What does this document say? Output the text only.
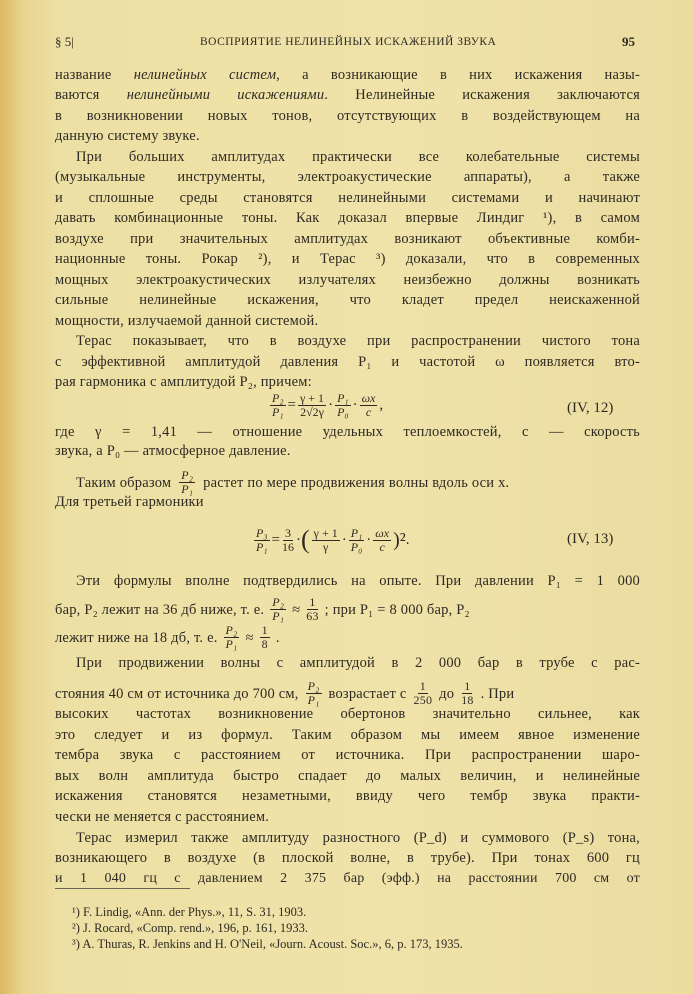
§ 5|	ВОСПРИЯТИЕ НЕЛИНЕЙНЫХ ИСКАЖЕНИЙ ЗВУКА	95
название нелинейных систем, а возникающие в них искажения назы-
ваются нелинейными искажениями. Нелинейные искажения заключаются
в возникновении новых тонов, отсутствующих в воздействующем на
данную систему звуке.
При больших амплитудах практически все колебательные системы
(музыкальные инструменты, электроакустические аппараты), а также
и сплошные среды становятся нелинейными системами и начинают
давать комбинационные тоны. Как доказал впервые Линдиг ¹), в самом
воздухе при значительных амплитудах возникают объективные комби-
национные тоны. Рокар ²), и Терас ³) доказали, что в современных
мощных электроакустических излучателях неизбежно должны возникать
сильные нелинейные искажения, что кладет предел неискаженной
мощности, излучаемой данной системой.
Терас показывает, что в воздухе при распространении чистого тона
с эффективной амплитудой давления P₁ и частотой ω появляется вто-
рая гармоника с амплитудой P₂, причем:
$\frac{\text{P₂}}{\text{P₁}} = \frac{\gamma + 1}{2√2\gamma} \cdot \frac{\text{P₁}}{\text{P₀}} \cdot \frac{\omega x}{c}$ ,	(IV, 12)
где γ = 1,41 — отношение удельных теплоемкостей, c — скорость
звука, а P₀ — атмосферное давление.
Таким образом $\frac{\text{P₂}}{\text{P₁}}$ растет по мере продвижения волны вдоль оси x.
Для третьей гармоники
$\frac{\text{P₃}}{\text{P₁}} = \frac{3}{16}$ · ( $\frac{\gamma + 1}{\gamma} \cdot \frac{\text{P₁}}{\text{P₀}} \cdot \frac{\omega x}{c} )^2$ .	(IV, 13)
Эти формулы вполне подтвердились на опыте. При давлении P₁ = 1 000
бар, P₂ лежит на 36 дб ниже, т. е. $\frac{\text{P₂}}{\text{P₁}} \approx \frac{1}{63}$ ; при P₁ = 8 000 бар, P₂
лежит ниже на 18 дб, т. е. $\frac{\text{P₂}}{\text{P₁}} \approx \frac{1}{8}$ .
При продвижении волны с амплитудой в 2 000 бар в трубе с рас-
стояния 40 см от источника до 700 см, $\frac{\text{P₂}}{\text{P₁}}$ возрастает с $\frac{1}{250}$ до $\frac{1}{18}$ . При
высоких частотах возникновение обертонов значительно сильнее, как
это следует и из формул. Таким образом мы имеем явное изменение
тембра звука с расстоянием от источника. При распространении шаро-
вых волн амплитуда быстро спадает до малых величин, и нелинейные
искажения становятся незаметными, ввиду чего тембр звука практи-
чески не меняется с расстоянием.
Терас измерил также амплитуду разностного (P_d) и суммового (P_s) тона,
возникающего в воздухе (в плоской волне, в трубе). При тонах 600 гц
и 1 040 гц с давлением 2 375 бар (эфф.) на расстоянии 700 см от
¹) F. Lindig, «Ann. der Phys.», 11, S. 31, 1903.
²) J. Rocard, «Comp. rend.», 196, p. 161, 1933.
³) A. Thuras, R. Jenkins and H. O'Neil, «Journ. Acoust. Soc.», 6, p. 173, 1935.
